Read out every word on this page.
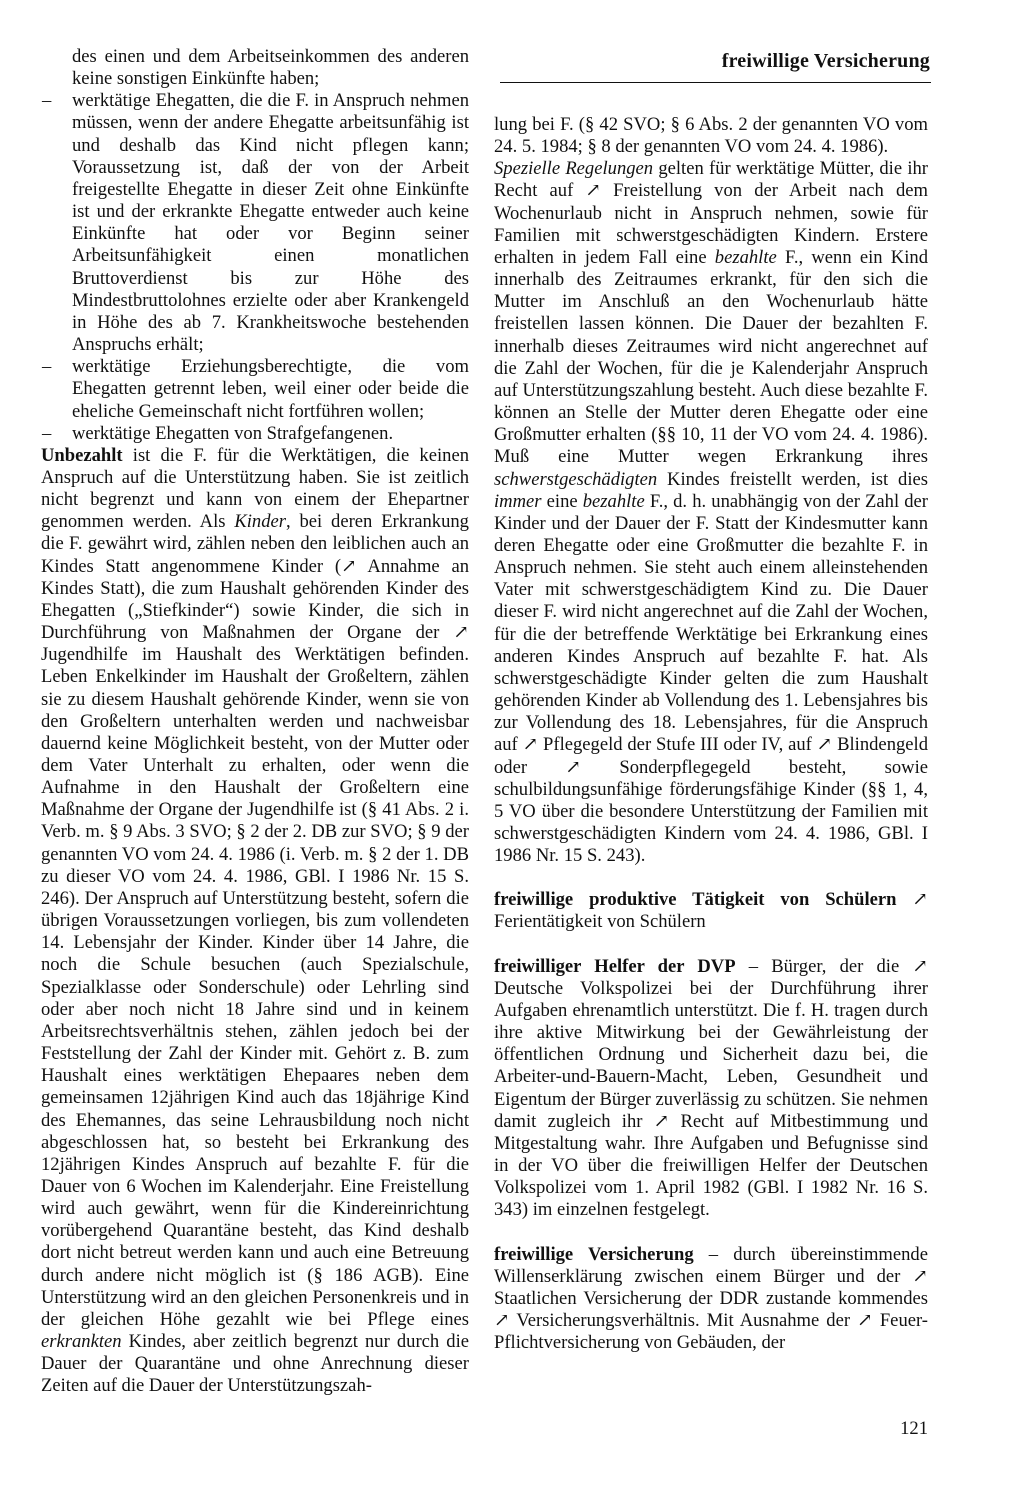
freiwillige Versicherung

des einen und dem Arbeitseinkommen des anderen keine sonstigen Einkünfte haben;

– werktätige Ehegatten, die die F. in Anspruch nehmen müssen, wenn der andere Ehegatte arbeitsunfähig ist und deshalb das Kind nicht pflegen kann; Voraussetzung ist, daß der von der Arbeit freigestellte Ehegatte in dieser Zeit ohne Einkünfte ist und der erkrankte Ehegatte entweder auch keine Einkünfte hat oder vor Beginn seiner Arbeitsunfähigkeit einen monatlichen Bruttoverdienst bis zur Höhe des Mindestbruttolohnes erzielte oder aber Krankengeld in Höhe des ab 7. Krankheitswoche bestehenden Anspruchs erhält;

– werktätige Erziehungsberechtigte, die vom Ehegatten getrennt leben, weil einer oder beide die eheliche Gemeinschaft nicht fortführen wollen;

– werktätige Ehegatten von Strafgefangenen.

Unbezahlt ist die F. für die Werktätigen, die keinen Anspruch auf die Unterstützung haben. Sie ist zeitlich nicht begrenzt und kann von einem der Ehepartner genommen werden. Als Kinder, bei deren Erkrankung die F. gewährt wird, zählen neben den leiblichen auch an Kindes Statt angenommene Kinder (↗ Annahme an Kindes Statt), die zum Haushalt gehörenden Kinder des Ehegatten („Stiefkinder“) sowie Kinder, die sich in Durchführung von Maßnahmen der Organe der ↗ Jugendhilfe im Haushalt des Werktätigen befinden. Leben Enkelkinder im Haushalt der Großeltern, zählen sie zu diesem Haushalt gehörende Kinder, wenn sie von den Großeltern unterhalten werden und nachweisbar dauernd keine Möglichkeit besteht, von der Mutter oder dem Vater Unterhalt zu erhalten, oder wenn die Aufnahme in den Haushalt der Großeltern eine Maßnahme der Organe der Jugendhilfe ist (§ 41 Abs. 2 i. Verb. m. § 9 Abs. 3 SVO; § 2 der 2. DB zur SVO; § 9 der genannten VO vom 24. 4. 1986 (i. Verb. m. § 2 der 1. DB zu dieser VO vom 24. 4. 1986, GBl. I 1986 Nr. 15 S. 246). Der Anspruch auf Unterstützung besteht, sofern die übrigen Voraussetzungen vorliegen, bis zum vollendeten 14. Lebensjahr der Kinder. Kinder über 14 Jahre, die noch die Schule besuchen (auch Spezialschule, Spezialklasse oder Sonderschule) oder Lehrling sind oder aber noch nicht 18 Jahre sind und in keinem Arbeitsrechtsverhältnis stehen, zählen jedoch bei der Feststellung der Zahl der Kinder mit. Gehört z. B. zum Haushalt eines werktätigen Ehepaares neben dem gemeinsamen 12jährigen Kind auch das 18jährige Kind des Ehemannes, das seine Lehrausbildung noch nicht abgeschlossen hat, so besteht bei Erkrankung des 12jährigen Kindes Anspruch auf bezahlte F. für die Dauer von 6 Wochen im Kalenderjahr. Eine Freistellung wird auch gewährt, wenn für die Kindereinrichtung vorübergehend Quarantäne besteht, das Kind deshalb dort nicht betreut werden kann und auch eine Betreuung durch andere nicht möglich ist (§ 186 AGB). Eine Unterstützung wird an den gleichen Personenkreis und in der gleichen Höhe gezahlt wie bei Pflege eines erkrankten Kindes, aber zeitlich begrenzt nur durch die Dauer der Quarantäne und ohne Anrechnung dieser Zeiten auf die Dauer der Unterstützungszah-

lung bei F. (§ 42 SVO; § 6 Abs. 2 der genannten VO vom 24. 5. 1984; § 8 der genannten VO vom 24. 4. 1986).

Spezielle Regelungen gelten für werktätige Mütter, die ihr Recht auf ↗ Freistellung von der Arbeit nach dem Wochenurlaub nicht in Anspruch nehmen, sowie für Familien mit schwerstgeschädigten Kindern. Erstere erhalten in jedem Fall eine bezahlte F., wenn ein Kind innerhalb des Zeitraumes erkrankt, für den sich die Mutter im Anschluß an den Wochenurlaub hätte freistellen lassen können. Die Dauer der bezahlten F. innerhalb dieses Zeitraumes wird nicht angerechnet auf die Zahl der Wochen, für die je Kalenderjahr Anspruch auf Unterstützungszahlung besteht. Auch diese bezahlte F. können an Stelle der Mutter deren Ehegatte oder eine Großmutter erhalten (§§ 10, 11 der VO vom 24. 4. 1986). Muß eine Mutter wegen Erkrankung ihres schwerstgeschädigten Kindes freistellt werden, ist dies immer eine bezahlte F., d. h. unabhängig von der Zahl der Kinder und der Dauer der F. Statt der Kindesmutter kann deren Ehegatte oder eine Großmutter die bezahlte F. in Anspruch nehmen. Sie steht auch einem alleinstehenden Vater mit schwerstgeschädigtem Kind zu. Die Dauer dieser F. wird nicht angerechnet auf die Zahl der Wochen, für die der betreffende Werktätige bei Erkrankung eines anderen Kindes Anspruch auf bezahlte F. hat. Als schwerstgeschädigte Kinder gelten die zum Haushalt gehörenden Kinder ab Vollendung des 1. Lebensjahres bis zur Vollendung des 18. Lebensjahres, für die Anspruch auf ↗ Pflegegeld der Stufe III oder IV, auf ↗ Blindengeld oder ↗ Sonderpflegegeld besteht, sowie schulbildungsunfähige förderungsfähige Kinder (§§ 1, 4, 5 VO über die besondere Unterstützung der Familien mit schwerstgeschädigten Kindern vom 24. 4. 1986, GBl. I 1986 Nr. 15 S. 243).

freiwillige produktive Tätigkeit von Schülern ↗ Ferientätigkeit von Schülern

freiwilliger Helfer der DVP – Bürger, der die ↗ Deutsche Volkspolizei bei der Durchführung ihrer Aufgaben ehrenamtlich unterstützt. Die f. H. tragen durch ihre aktive Mitwirkung bei der Gewährleistung der öffentlichen Ordnung und Sicherheit dazu bei, die Arbeiter-und-Bauern-Macht, Leben, Gesundheit und Eigentum der Bürger zuverlässig zu schützen. Sie nehmen damit zugleich ihr ↗ Recht auf Mitbestimmung und Mitgestaltung wahr. Ihre Aufgaben und Befugnisse sind in der VO über die freiwilligen Helfer der Deutschen Volkspolizei vom 1. April 1982 (GBl. I 1982 Nr. 16 S. 343) im einzelnen festgelegt.

freiwillige Versicherung – durch übereinstimmende Willenserklärung zwischen einem Bürger und der ↗ Staatlichen Versicherung der DDR zustande kommendes ↗ Versicherungsverhältnis. Mit Ausnahme der ↗ Feuer-Pflichtversicherung von Gebäuden, der

121
